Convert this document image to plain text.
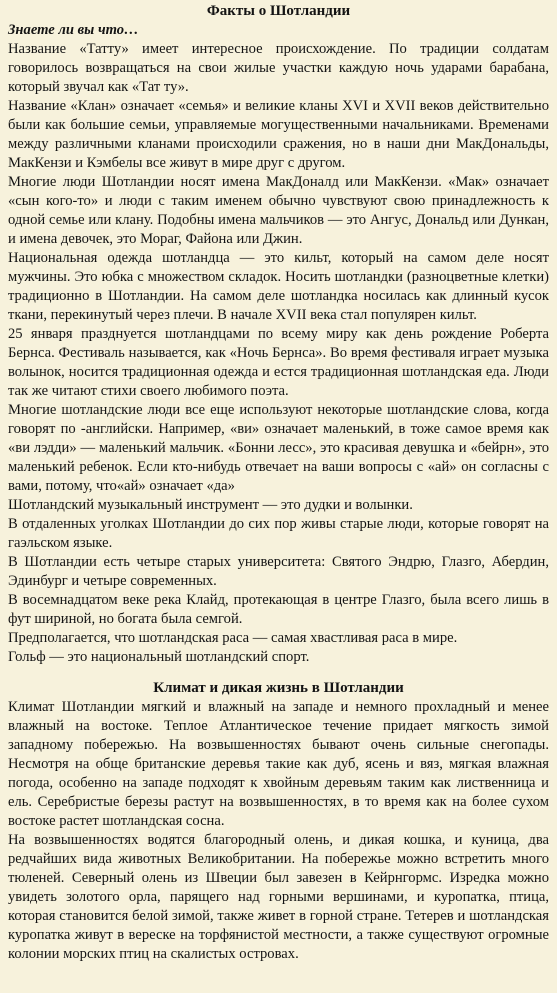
Факты о Шотландии
Знаете ли вы что…

Название «Татту» имеет интересное происхождение. По традиции солдатам говорилось возвращаться на свои жилые участки каждую ночь ударами барабана, который звучал как «Тат ту».

Название «Клан» означает «семья» и великие кланы XVI и XVII веков действительно были как большие семьи, управляемые могущественными начальниками. Временами между различными кланами происходили сражения, но в наши дни МакДональды, МакКензи и Кэмбелы все живут в мире друг с другом.

Многие люди Шотландии носят имена МакДоналд или МакКензи. «Мак» означает «сын кого-то» и люди с таким именем обычно чувствуют свою принадлежность к одной семье или клану. Подобны имена мальчиков — это Ангус, Дональд или Дункан, и имена девочек, это Мораг, Файона или Джин.

Национальная одежда шотландца — это кильт, который на самом деле носят мужчины. Это юбка с множеством складок. Носить шотландки (разноцветные клетки) традиционно в Шотландии. На самом деле шотландка носилась как длинный кусок ткани, перекинутый через плечи. В начале XVII века стал популярен кильт.

25 января празднуется шотландцами по всему миру как день рождение Роберта Бернса. Фестиваль называется, как «Ночь Бернса». Во время фестиваля играет музыка волынок, носится традиционная одежда и естся традиционная шотландская еда. Люди так же читают стихи своего любимого поэта.

Многие шотландские люди все еще используют некоторые шотландские слова, когда говорят по -английски. Например, «ви» означает маленький, в тоже самое время как «ви лэдди» — маленький мальчик. «Бонни лесс», это красивая девушка и «бейрн», это маленький ребенок. Если кто-нибудь отвечает на ваши вопросы с «ай» он согласны с вами, потому, что«ай» означает «да»

Шотландский музыкальный инструмент — это дудки и волынки.

В отдаленных уголках Шотландии до сих пор живы старые люди, которые говорят на гаэльском языке.

В Шотландии есть четыре старых университета: Святого Эндрю, Глазго, Абердин, Эдинбург и четыре современных.

В восемнадцатом веке река Клайд, протекающая в центре Глазго, была всего лишь в фут шириной, но богата была семгой.

Предполагается, что шотландская раса — самая хвастливая раса в мире.

Гольф — это национальный шотландский спорт.

Климат и дикая жизнь в Шотландии

Климат Шотландии мягкий и влажный на западе и немного прохладный и менее влажный на востоке. Теплое Атлантическое течение придает мягкость зимой западному побережью. На возвышенностях бывают очень сильные снегопады. Несмотря на обще британские деревья такие как дуб, ясень и вяз, мягкая влажная погода, особенно на западе подходят к хвойным деревьям таким как лиственница и ель. Серебристые березы растут на возвышенностях, в то время как на более сухом востоке растет шотландская сосна.

На возвышенностях водятся благородный олень, и дикая кошка, и куница, два редчайших вида животных Великобритании. На побережье можно встретить много тюленей. Северный олень из Швеции был завезен в Кейрнгормс. Изредка можно увидеть золотого орла, парящего над горными вершинами, и куропатка, птица, которая становится белой зимой, также живет в горной стране. Тетерев и шотландская куропатка живут в вереске на торфянистой местности, а также существуют огромные колонии морских птиц на скалистых островах.
